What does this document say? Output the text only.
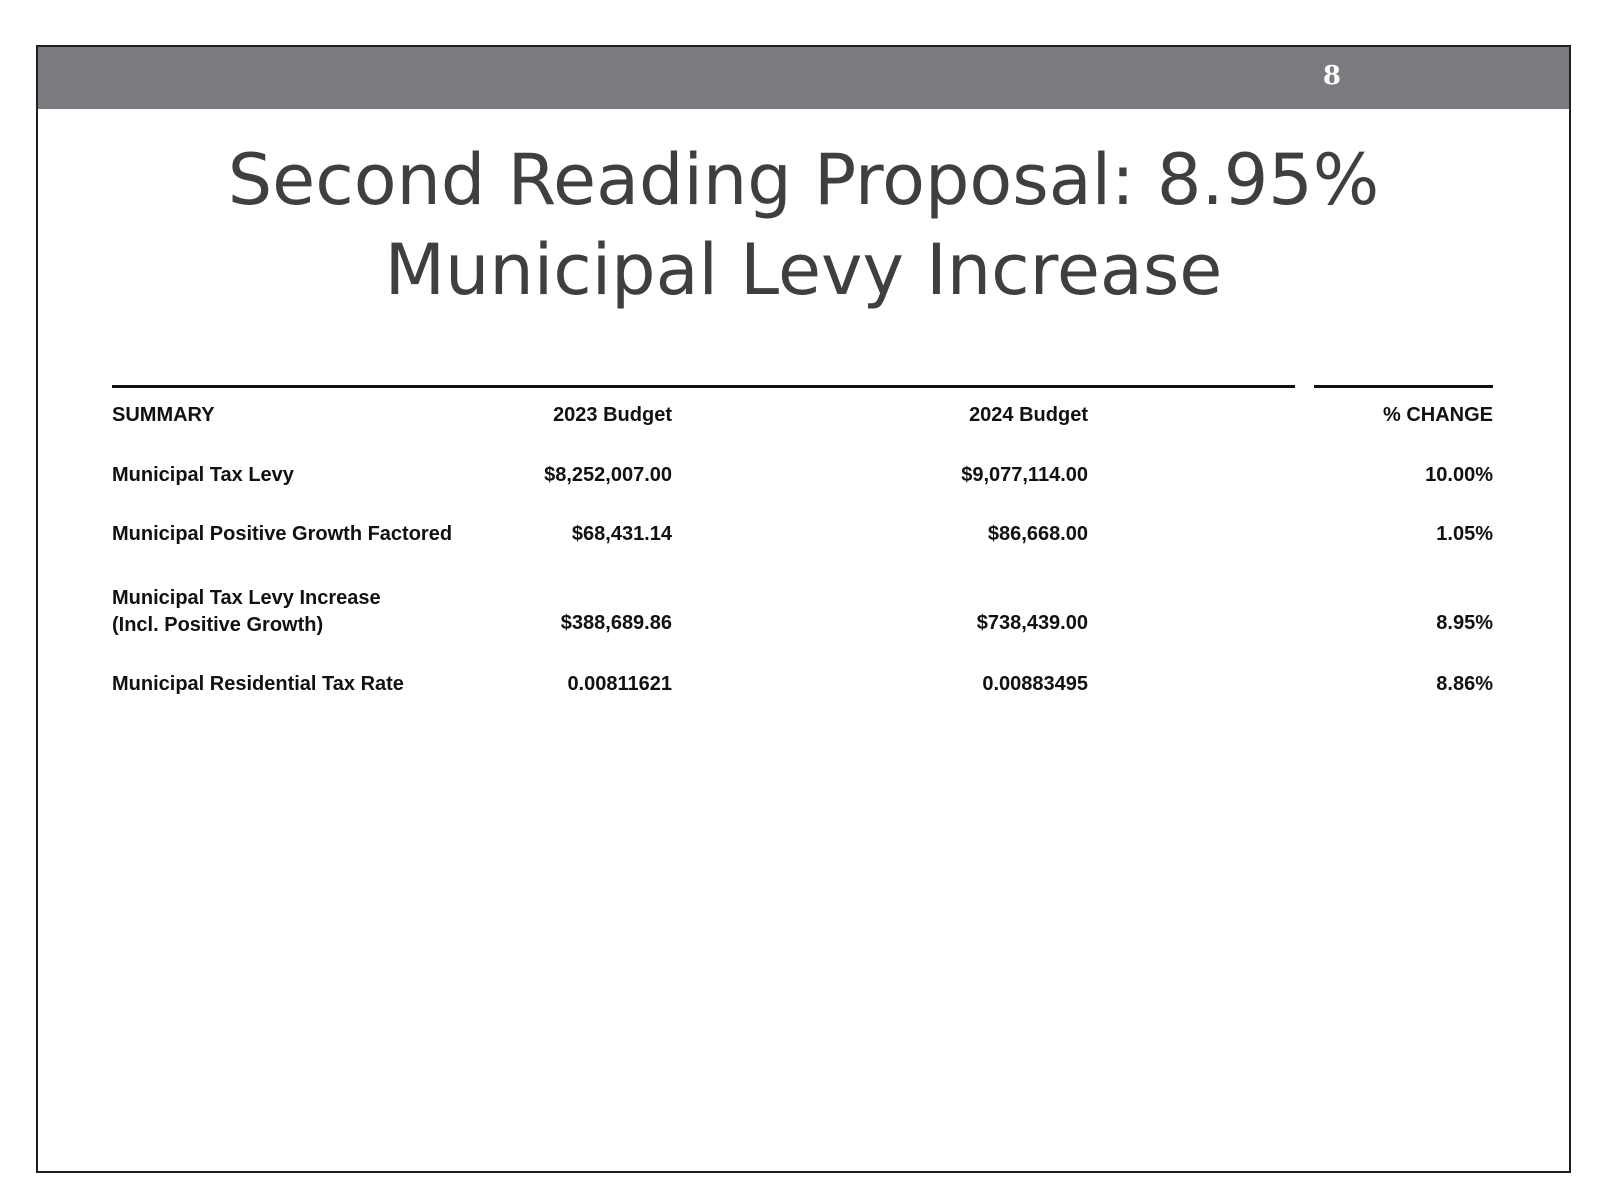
8
Second Reading Proposal: 8.95%
Municipal Levy Increase
SUMMARY	2023 Budget	2024 Budget	% CHANGE
Municipal Tax Levy	$8,252,007.00	$9,077,114.00	10.00%
Municipal Positive Growth Factored	$68,431.14	$86,668.00	1.05%
Municipal Tax Levy Increase
(Incl. Positive Growth)	$388,689.86	$738,439.00	8.95%
Municipal Residential Tax Rate	0.00811621	0.00883495	8.86%
